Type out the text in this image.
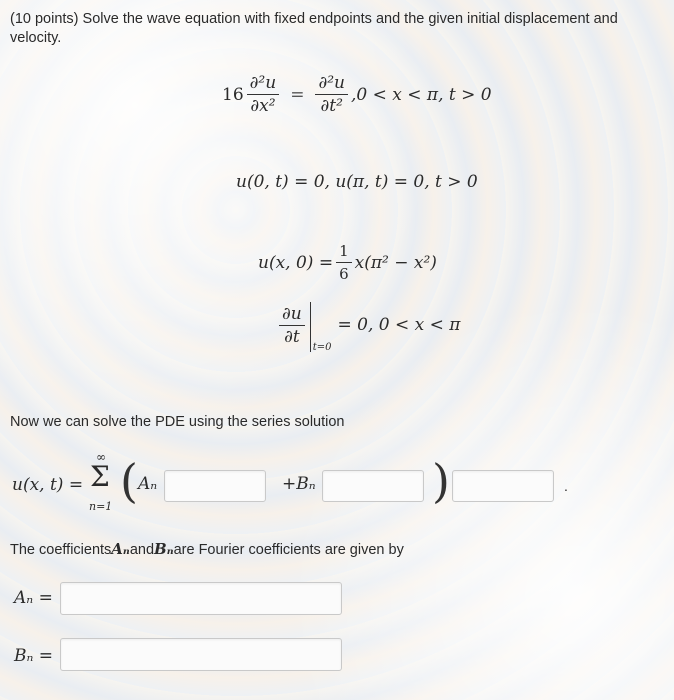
(10 points) Solve the wave equation with fixed endpoints and the given initial displacement and velocity.
$16 \frac{\text{∂²u}}{\text{∂x²}} = \frac{\text{∂²u}}{\text{∂t²}} ,0 < x < \pi$, t > 0
u(0, t) = 0, u(π, t) = 0, t > 0
u(x, $0) = \frac{1}{6} x(\pi^2 - x^2)$
$\frac{\partial u}{\partial t}$
t=0
= 0, 0 < x < π
Now we can solve the PDE using the series solution
u(x, t) =
∞
Σ
n=1 ( Aₙ	+Bₙ	)	.
The coefficients Aₙ and Bₙ are Fourier coefficients are given by
Aₙ =
Bₙ =
